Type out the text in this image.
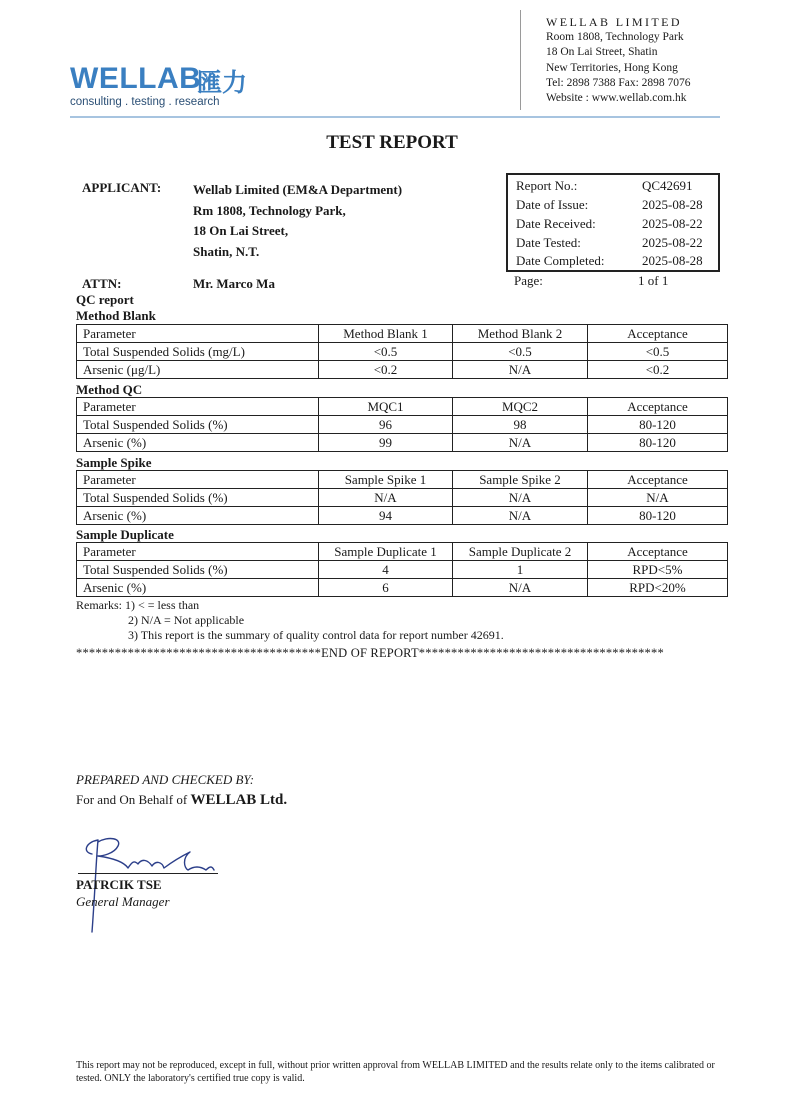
WELLAB
匯力
consulting . testing . research
WELLAB LIMITED
Room 1808, Technology Park
18 On Lai Street, Shatin
New Territories, Hong Kong
Tel: 2898 7388 Fax: 2898 7076
Website : www.wellab.com.hk
TEST REPORT
APPLICANT: Wellab Limited (EM&A Department)
Rm 1808, Technology Park,
18 On Lai Street,
Shatin, N.T.
ATTN:	Mr. Marco Ma
Report No.:	QC42691
Date of Issue:	2025-08-28
Date Received:	2025-08-22
Date Tested:	2025-08-22
Date Completed:	2025-08-28
Page:	1 of 1
QC report
Method Blank
Parameter	Method Blank 1	Method Blank 2	Acceptance
Total Suspended Solids (mg/L)	<0.5	<0.5	<0.5
Arsenic (μg/L)	<0.2	N/A	<0.2
Method QC
Parameter	MQC1	MQC2	Acceptance
Total Suspended Solids (%)	96	98	80-120
Arsenic (%)	99	N/A	80-120
Sample Spike
Parameter	Sample Spike 1	Sample Spike 2	Acceptance
Total Suspended Solids (%)	N/A	N/A	N/A
Arsenic (%)	94	N/A	80-120
Sample Duplicate
Parameter	Sample Duplicate 1	Sample Duplicate 2	Acceptance
Total Suspended Solids (%)	4	1	RPD<5%
Arsenic (%)	6	N/A	RPD<20%
Remarks: 1) < = less than
2) N/A = Not applicable
3) This report is the summary of quality control data for report number 42691.
**************************************END OF REPORT**************************************
PREPARED AND CHECKED BY:
For and On Behalf of WELLAB Ltd.
PATRCIK TSE
General Manager
This report may not be reproduced, except in full, without prior written approval from WELLAB LIMITED and the results relate only to the items calibrated or tested. ONLY the laboratory's certified true copy is valid.
